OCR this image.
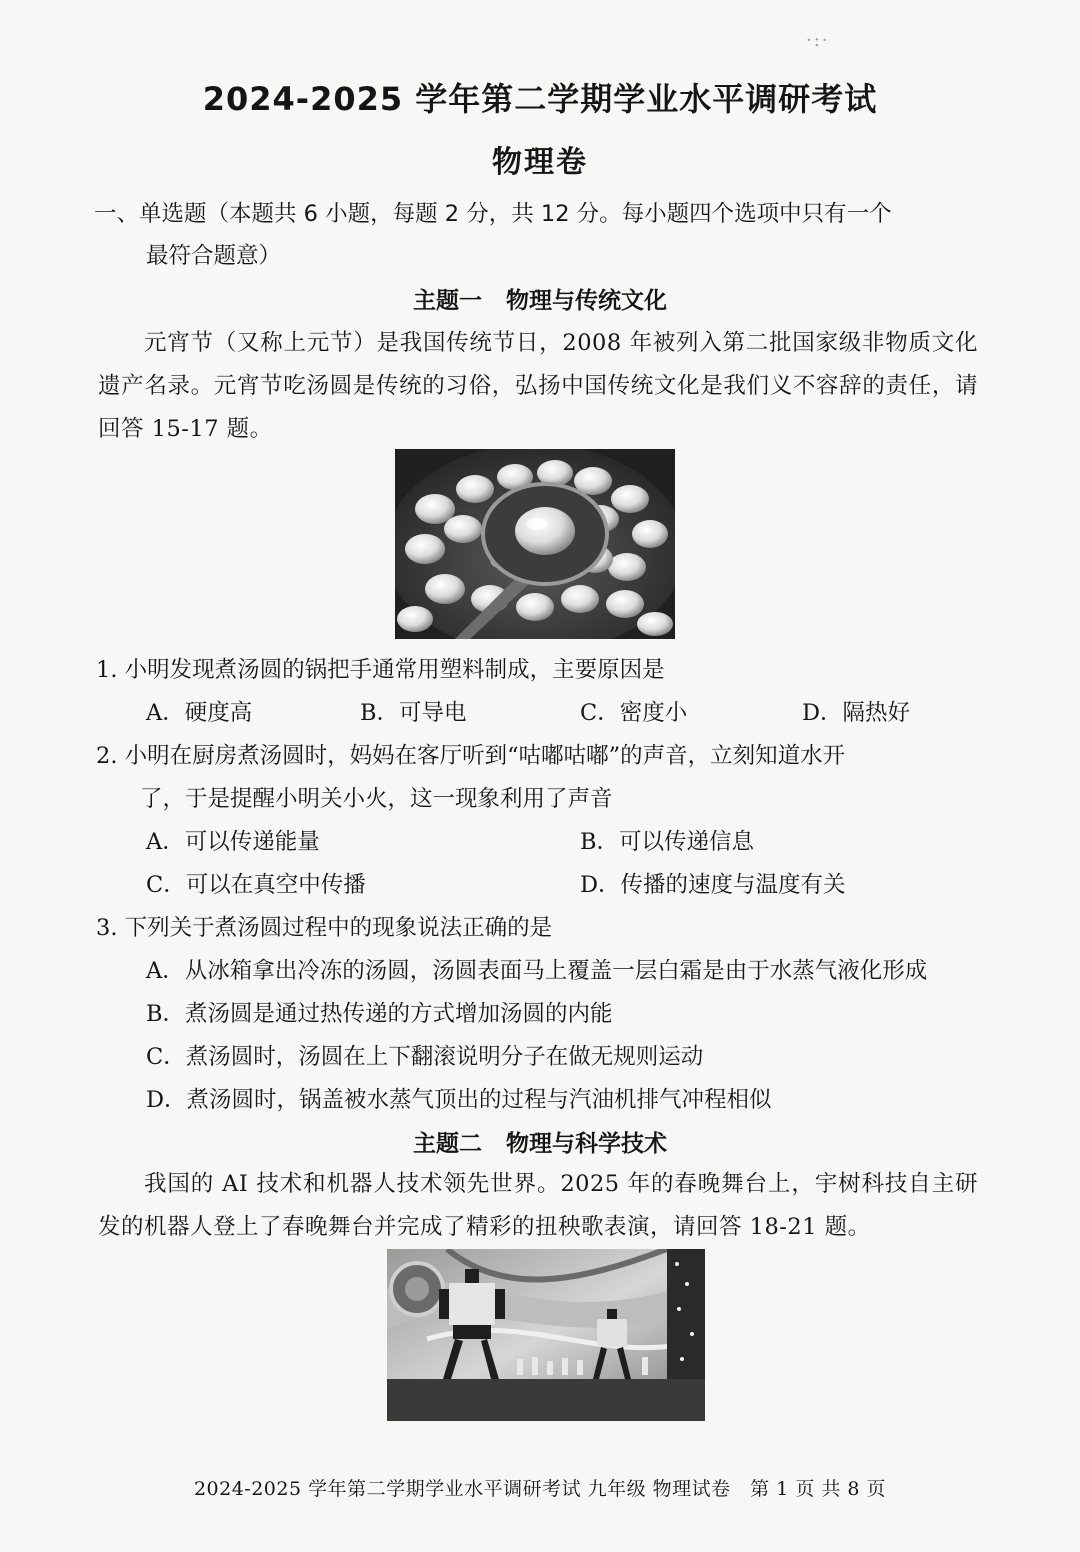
·:·
2024-2025 学年第二学期学业水平调研考试
物理卷
一、单选题（本题共 6 小题，每题 2 分，共 12 分。每小题四个选项中只有一个
最符合题意）
主题一 物理与传统文化
元宵节（又称上元节）是我国传统节日，2008 年被列入第二批国家级非物质文化遗产名录。元宵节吃汤圆是传统的习俗，弘扬中国传统文化是我们义不容辞的责任，请回答 15-17 题。
1. 小明发现煮汤圆的锅把手通常用塑料制成，主要原因是
A．硬度高	B．可导电	C．密度小	D．隔热好
2. 小明在厨房煮汤圆时，妈妈在客厅听到“咕嘟咕嘟”的声音，立刻知道水开
了，于是提醒小明关小火，这一现象利用了声音
A．可以传递能量	B．可以传递信息
C．可以在真空中传播	D．传播的速度与温度有关
3. 下列关于煮汤圆过程中的现象说法正确的是
A．从冰箱拿出冷冻的汤圆，汤圆表面马上覆盖一层白霜是由于水蒸气液化形成
B．煮汤圆是通过热传递的方式增加汤圆的内能
C．煮汤圆时，汤圆在上下翻滚说明分子在做无规则运动
D．煮汤圆时，锅盖被水蒸气顶出的过程与汽油机排气冲程相似
主题二 物理与科学技术
我国的 AI 技术和机器人技术领先世界。2025 年的春晚舞台上，宇树科技自主研发的机器人登上了春晚舞台并完成了精彩的扭秧歌表演，请回答 18-21 题。
2024-2025 学年第二学期学业水平调研考试 九年级 物理试卷　第 1 页 共 8 页
